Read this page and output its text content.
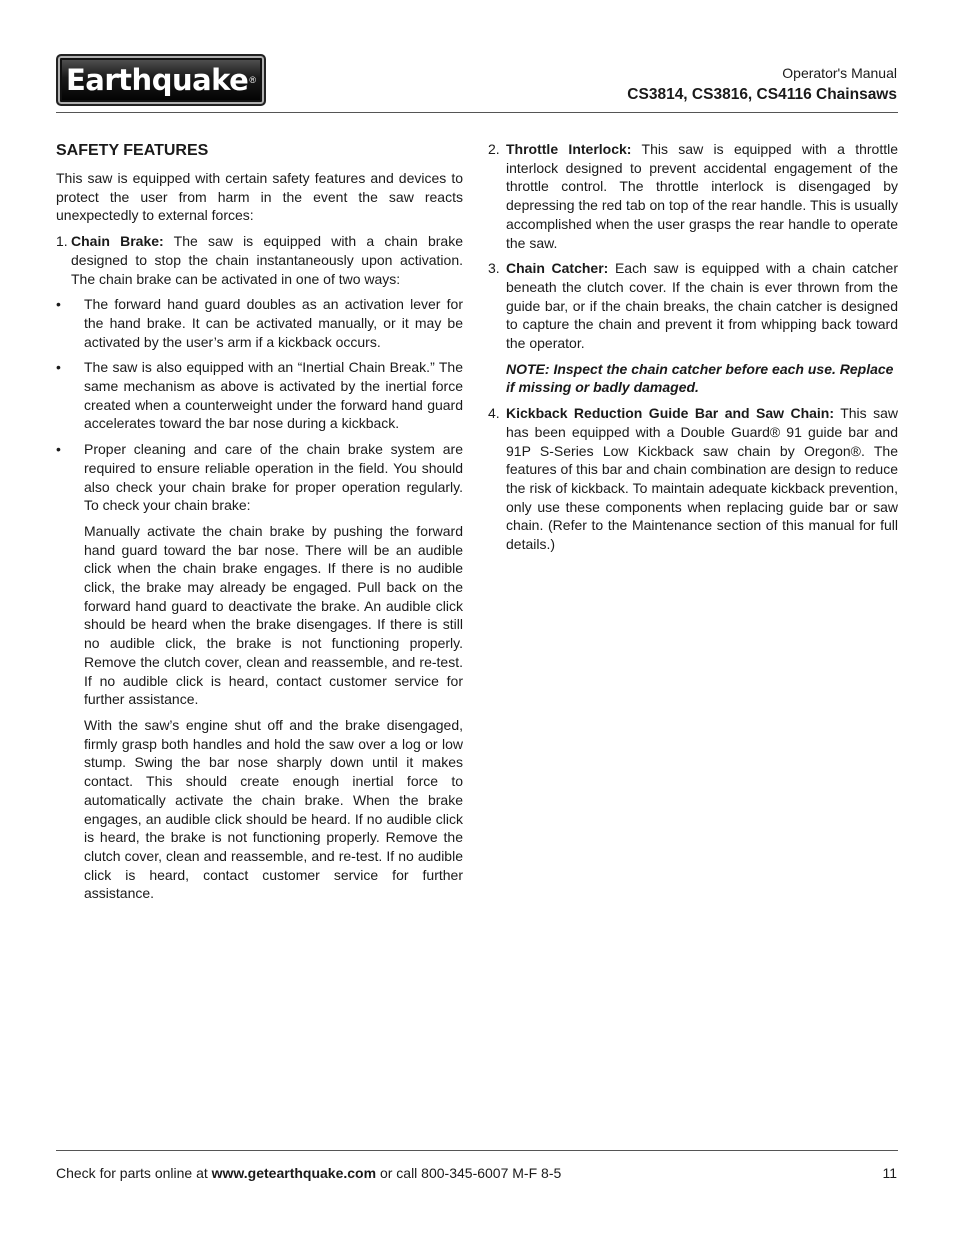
Earthquake ®	Operator's Manual
CS3814, CS3816, CS4116 Chainsaws
SAFETY FEATURES

This saw is equipped with certain safety features and devices to protect the user from harm in the event the saw reacts unexpectedly to external forces:

1. Chain Brake: The saw is equipped with a chain brake designed to stop the chain instantaneously upon activation. The chain brake can be activated in one of two ways:
• The forward hand guard doubles as an activation lever for the hand brake. It can be activated manually, or it may be activated by the user’s arm if a kickback occurs.
• The saw is also equipped with an “Inertial Chain Break.” The same mechanism as above is activated by the inertial force created when a counterweight under the forward hand guard accelerates toward the bar nose during a kickback.
• Proper cleaning and care of the chain brake system are required to ensure reliable operation in the field. You should also check your chain brake for proper operation regularly. To check your chain brake:
Manually activate the chain brake by pushing the forward hand guard toward the bar nose. There will be an audible click when the chain brake engages. If there is no audible click, the brake may already be engaged. Pull back on the forward hand guard to deactivate the brake. An audible click should be heard when the brake disengages. If there is still no audible click, the brake is not functioning properly. Remove the clutch cover, clean and reassemble, and re-test. If no audible click is heard, contact customer service for further assistance.
With the saw’s engine shut off and the brake disengaged, firmly grasp both handles and hold the saw over a log or low stump. Swing the bar nose sharply down until it makes contact. This should create enough inertial force to automatically activate the chain brake. When the brake engages, an audible click should be heard. If no audible click is heard, the brake is not functioning properly. Remove the clutch cover, clean and reassemble, and re-test. If no audible click is heard, contact customer service for further assistance.
2. Throttle Interlock: This saw is equipped with a throttle interlock designed to prevent accidental engagement of the throttle control. The throttle interlock is disengaged by depressing the red tab on top of the rear handle. This is usually accomplished when the user grasps the rear handle to operate the saw.
3. Chain Catcher: Each saw is equipped with a chain catcher beneath the clutch cover. If the chain is ever thrown from the guide bar, or if the chain breaks, the chain catcher is designed to capture the chain and prevent it from whipping back toward the operator.
NOTE: Inspect the chain catcher before each use. Replace if missing or badly damaged.
4. Kickback Reduction Guide Bar and Saw Chain: This saw has been equipped with a Double Guard® 91 guide bar and 91P S-Series Low Kickback saw chain by Oregon®. The features of this bar and chain combination are design to reduce the risk of kickback. To maintain adequate kickback prevention, only use these components when replacing guide bar or saw chain. (Refer to the Maintenance section of this manual for full details.)
Check for parts online at www.getearthquake.com or call 800-345-6007 M-F 8-5	11
